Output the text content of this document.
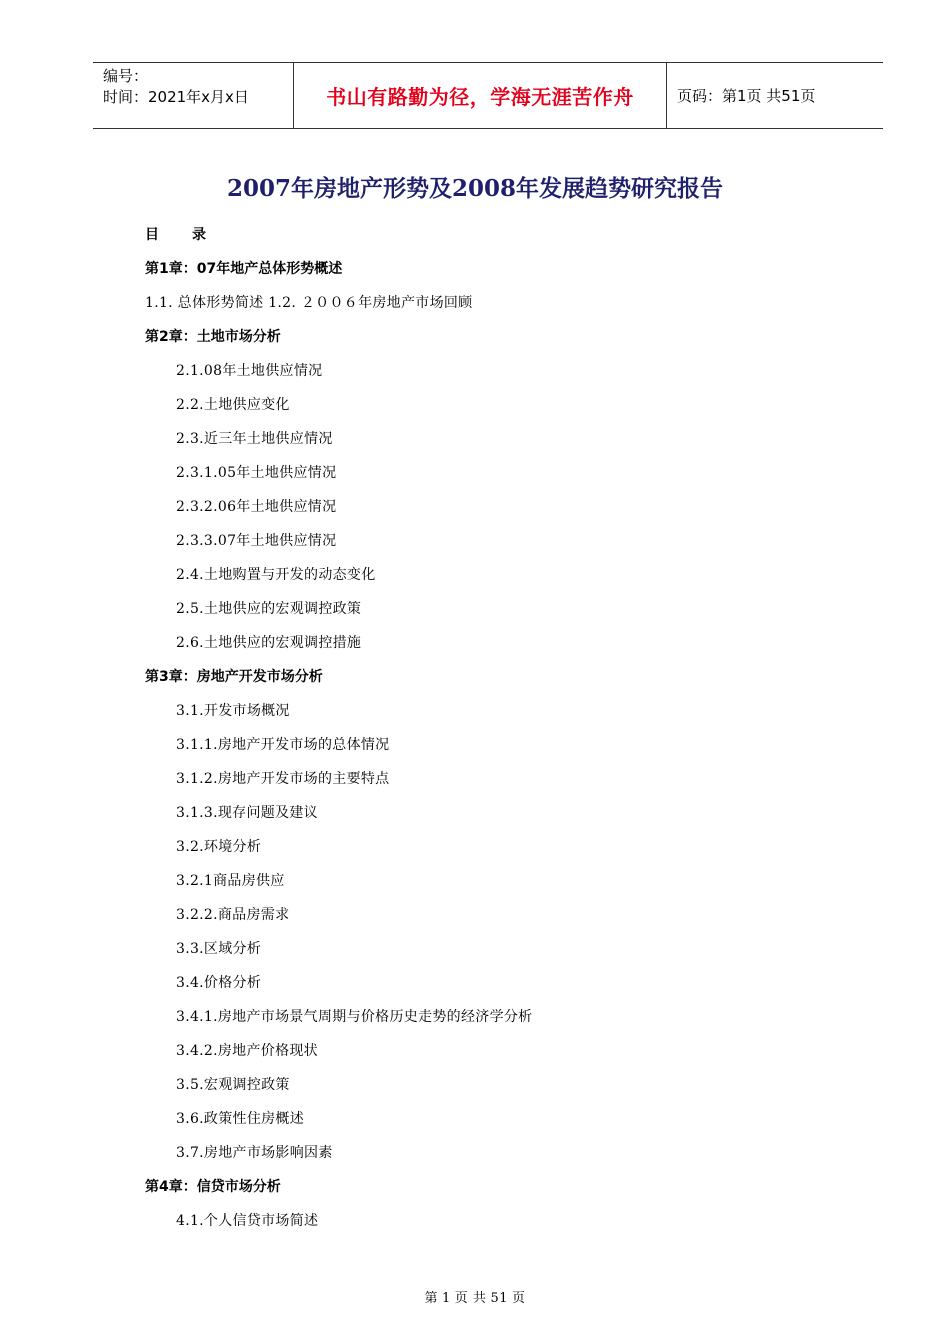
编号：
时间：2021年x月x日	书山有路勤为径，学海无涯苦作舟	页码：第1页 共51页
2007年房地产形势及2008年发展趋势研究报告
目 录
第1章：07年地产总体形势概述
1.1. 总体形势简述 1.2. ２００６年房地产市场回顾
第2章：土地市场分析
2.1.08年土地供应情况
2.2.土地供应变化
2.3.近三年土地供应情况
2.3.1.05年土地供应情况
2.3.2.06年土地供应情况
2.3.3.07年土地供应情况
2.4.土地购置与开发的动态变化
2.5.土地供应的宏观调控政策
2.6.土地供应的宏观调控措施
第3章：房地产开发市场分析
3.1.开发市场概况
3.1.1.房地产开发市场的总体情况
3.1.2.房地产开发市场的主要特点
3.1.3.现存问题及建议
3.2.环境分析
3.2.1商品房供应
3.2.2.商品房需求
3.3.区域分析
3.4.价格分析
3.4.1.房地产市场景气周期与价格历史走势的经济学分析
3.4.2.房地产价格现状
3.5.宏观调控政策
3.6.政策性住房概述
3.7.房地产市场影响因素
第4章：信贷市场分析
4.1.个人信贷市场简述
第 1 页 共 51 页
